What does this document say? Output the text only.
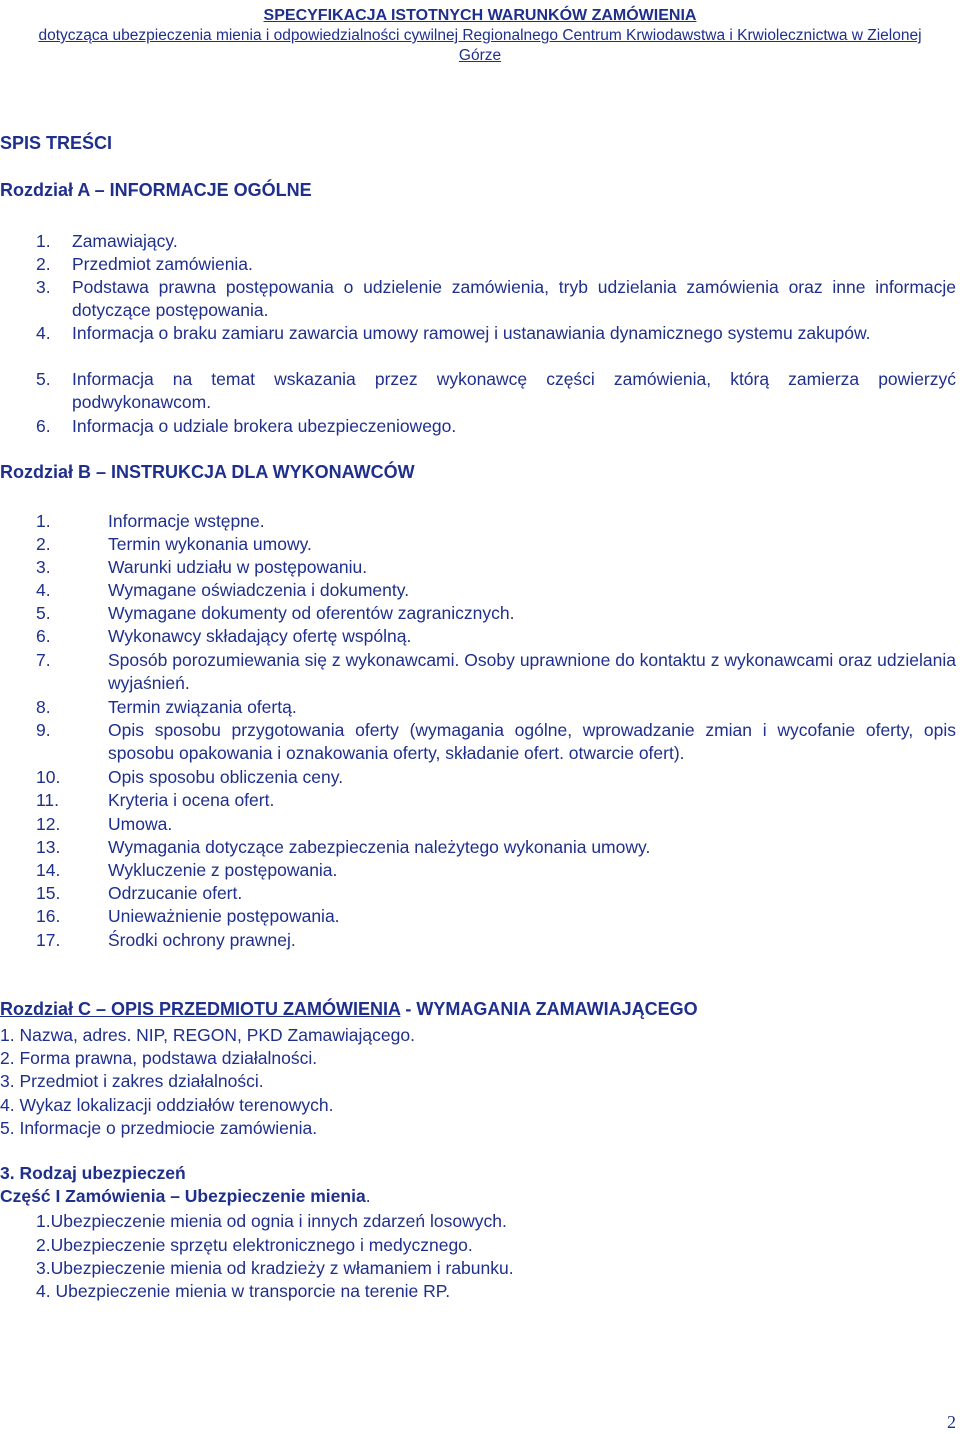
SPECYFIKACJA ISTOTNYCH WARUNKÓW ZAMÓWIENIA
dotycząca ubezpieczenia mienia i odpowiedzialności cywilnej Regionalnego Centrum Krwiodawstwa i Krwiolecznictwa w Zielonej
Górze
SPIS TREŚCI
Rozdział A – INFORMACJE OGÓLNE
1.	Zamawiający.
2.	Przedmiot zamówienia.
3.	Podstawa prawna postępowania o udzielenie zamówienia, tryb udzielania zamówienia oraz inne informacje dotyczące postępowania.
4.	Informacja o braku zamiaru zawarcia umowy ramowej i ustanawiania dynamicznego systemu zakupów.
5.	Informacja na temat wskazania przez wykonawcę części zamówienia, którą zamierza powierzyć podwykonawcom.
6.	Informacja o udziale brokera ubezpieczeniowego.
Rozdział B – INSTRUKCJA DLA WYKONAWCÓW
1.	Informacje wstępne.
2.	Termin wykonania umowy.
3.	Warunki udziału w postępowaniu.
4.	Wymagane oświadczenia i dokumenty.
5.	Wymagane dokumenty od oferentów zagranicznych.
6.	Wykonawcy składający ofertę wspólną.
7.	Sposób porozumiewania się z wykonawcami. Osoby uprawnione do kontaktu z wykonawcami oraz udzielania wyjaśnień.
8.	Termin związania ofertą.
9.	Opis sposobu przygotowania oferty (wymagania ogólne, wprowadzanie zmian i wycofanie oferty, opis sposobu opakowania i oznakowania oferty, składanie ofert. otwarcie ofert).
10.	Opis sposobu obliczenia ceny.
11.	Kryteria i ocena ofert.
12.	Umowa.
13.	Wymagania dotyczące zabezpieczenia należytego wykonania umowy.
14.	Wykluczenie z postępowania.
15.	Odrzucanie ofert.
16.	Unieważnienie postępowania.
17.	Środki ochrony prawnej.
Rozdział C – OPIS PRZEDMIOTU ZAMÓWIENIA - WYMAGANIA ZAMAWIAJĄCEGO
1. Nazwa, adres. NIP, REGON, PKD Zamawiającego.
2. Forma prawna, podstawa działalności.
3. Przedmiot i zakres działalności.
4. Wykaz lokalizacji oddziałów terenowych.
5. Informacje o przedmiocie zamówienia.
3. Rodzaj ubezpieczeń
Część I Zamówienia – Ubezpieczenie mienia.
1.Ubezpieczenie mienia od ognia i innych zdarzeń losowych.
2.Ubezpieczenie sprzętu elektronicznego i medycznego.
3.Ubezpieczenie mienia od kradzieży z włamaniem i rabunku.
4. Ubezpieczenie mienia w transporcie na terenie RP.
2
